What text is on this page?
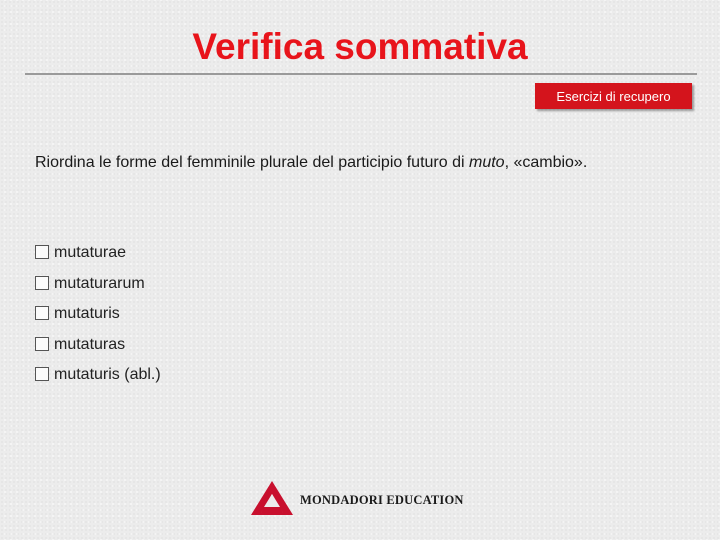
Verifica sommativa
Esercizi di recupero
Riordina le forme del femminile plurale del participio futuro di muto, «cambio».
mutaturae
mutaturarum
mutaturis
mutaturas
mutaturis (abl.)
MONDADORI EDUCATION
